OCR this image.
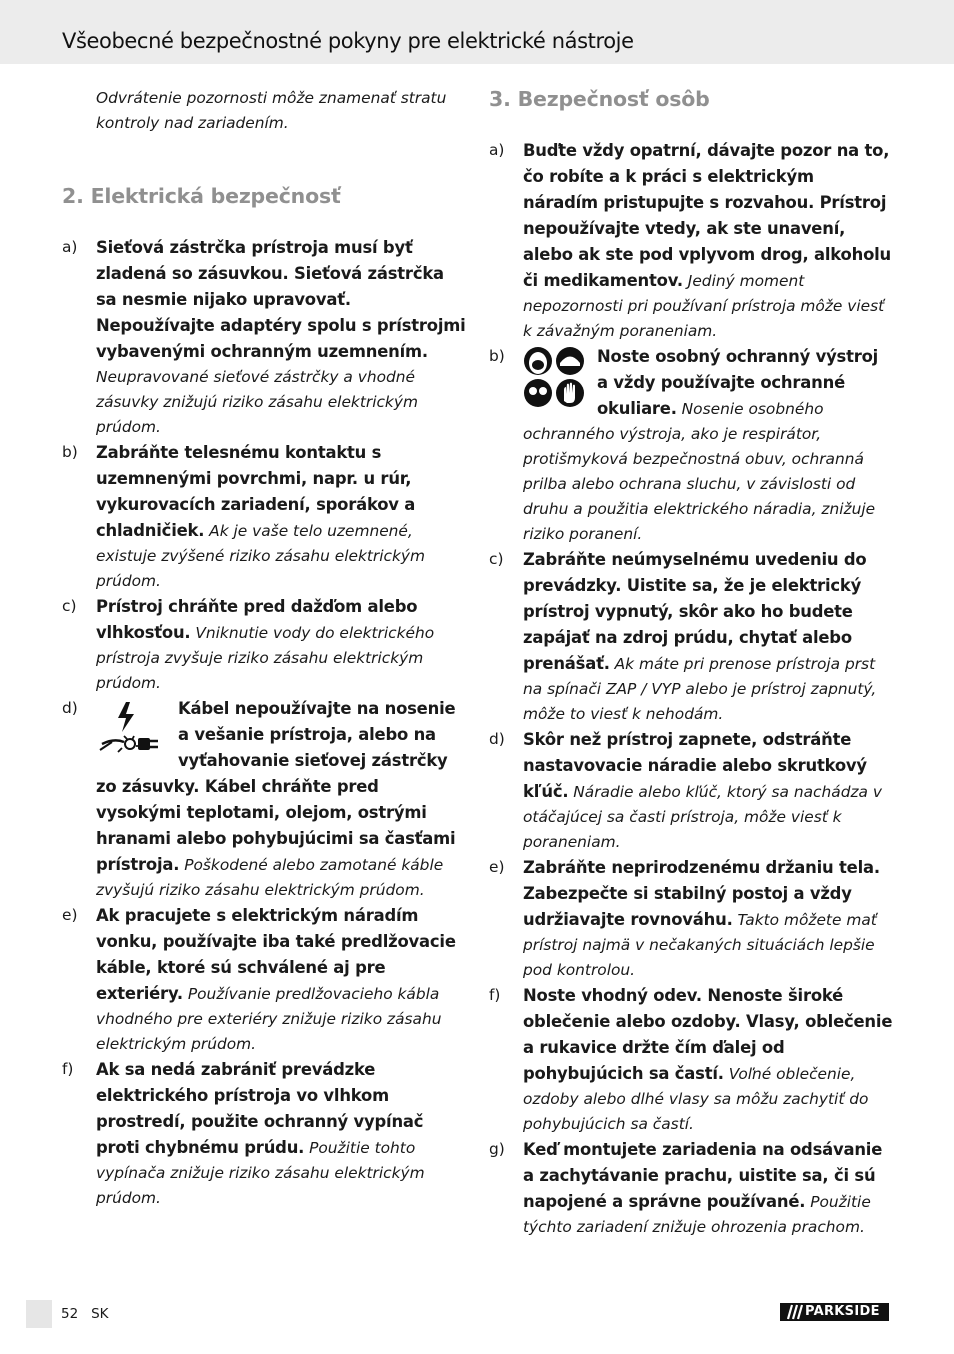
Všeobecné bezpečnostné pokyny pre elektrické nástroje
Odvrátenie pozornosti môže znamenať stratu kontroly nad zariadením.
2. Elektrická bezpečnosť
a) Sieťová zástrčka prístroja musí byť zladená so zásuvkou. Sieťová zástrčka sa nesmie nijako upravovať. Nepoužívajte adaptéry spolu s prístrojmi vybavenými ochranným uzemnením. Neupravované sieťové zástrčky a vhodné zásuvky znižujú riziko zásahu elektrickým prúdom.
b) Zabráňte telesnému kontaktu s uzemnenými povrchmi, napr. u rúr, vykurovacích zariadení, sporákov a chladničiek. Ak je vaše telo uzemnené, existuje zvýšené riziko zásahu elektrickým prúdom.
c) Prístroj chráňte pred dažďom alebo vlhkosťou. Vniknutie vody do elektrického prístroja zvyšuje riziko zásahu elektrickým prúdom.
d)	Kábel nepoužívajte na nosenie a vešanie prístroja, alebo na vyťahovanie sieťovej zástrčky zo zásuvky. Kábel chráňte pred vysokými teplotami, olejom, ostrými hranami alebo pohybujúcimi sa časťami prístroja. Poškodené alebo zamotané káble zvyšujú riziko zásahu elektrickým prúdom.
e) Ak pracujete s elektrickým náradím vonku, používajte iba také predlžovacie káble, ktoré sú schválené aj pre exteriéry. Používanie predlžovacieho kábla vhodného pre exteriéry znižuje riziko zásahu elektrickým prúdom.
f) Ak sa nedá zabrániť prevádzke elektrického prístroja vo vlhkom prostredí, použite ochranný vypínač proti chybnému prúdu. Použitie tohto vypínača znižuje riziko zásahu elektrickým prúdom.
3. Bezpečnosť osôb
a) Buďte vždy opatrní, dávajte pozor na to, čo robíte a k práci s elektrickým náradím pristupujte s rozvahou. Prístroj nepoužívajte vtedy, ak ste unavení, alebo ak ste pod vplyvom drog, alkoholu či medikamentov. Jediný moment nepozornosti pri používaní prístroja môže viesť k závažným poraneniam.
b)	Noste osobný ochranný výstroj a vždy používajte ochranné okuliare. Nosenie osobného ochranného výstroja, ako je respirátor, protišmyková bezpečnostná obuv, ochranná prilba alebo ochrana sluchu, v závislosti od druhu a použitia elektrického náradia, znižuje riziko poranení.
c) Zabráňte neúmyselnému uvedeniu do prevádzky. Uistite sa, že je elektrický prístroj vypnutý, skôr ako ho budete zapájať na zdroj prúdu, chytať alebo prenášať. Ak máte pri prenose prístroja prst na spínači ZAP / VYP alebo je prístroj zapnutý, môže to viesť k nehodám.
d) Skôr než prístroj zapnete, odstráňte nastavovacie náradie alebo skrutkový kľúč. Náradie alebo kľúč, ktorý sa nachádza v otáčajúcej sa časti prístroja, môže viesť k poraneniam.
e) Zabráňte neprirodzenému držaniu tela. Zabezpečte si stabilný postoj a vždy udržiavajte rovnováhu. Takto môžete mať prístroj najmä v nečakaných situáciách lepšie pod kontrolou.
f) Noste vhodný odev. Nenoste široké oblečenie alebo ozdoby. Vlasy, oblečenie a rukavice držte čím ďalej od pohybujúcich sa častí. Voľné oblečenie, ozdoby alebo dlhé vlasy sa môžu zachytiť do pohybujúcich sa častí.
g) Keď montujete zariadenia na odsávanie a zachytávanie prachu, uistite sa, či sú napojené a správne používané. Použitie týchto zariadení znižuje ohrozenia prachom.
52 SK	PARKSIDE
